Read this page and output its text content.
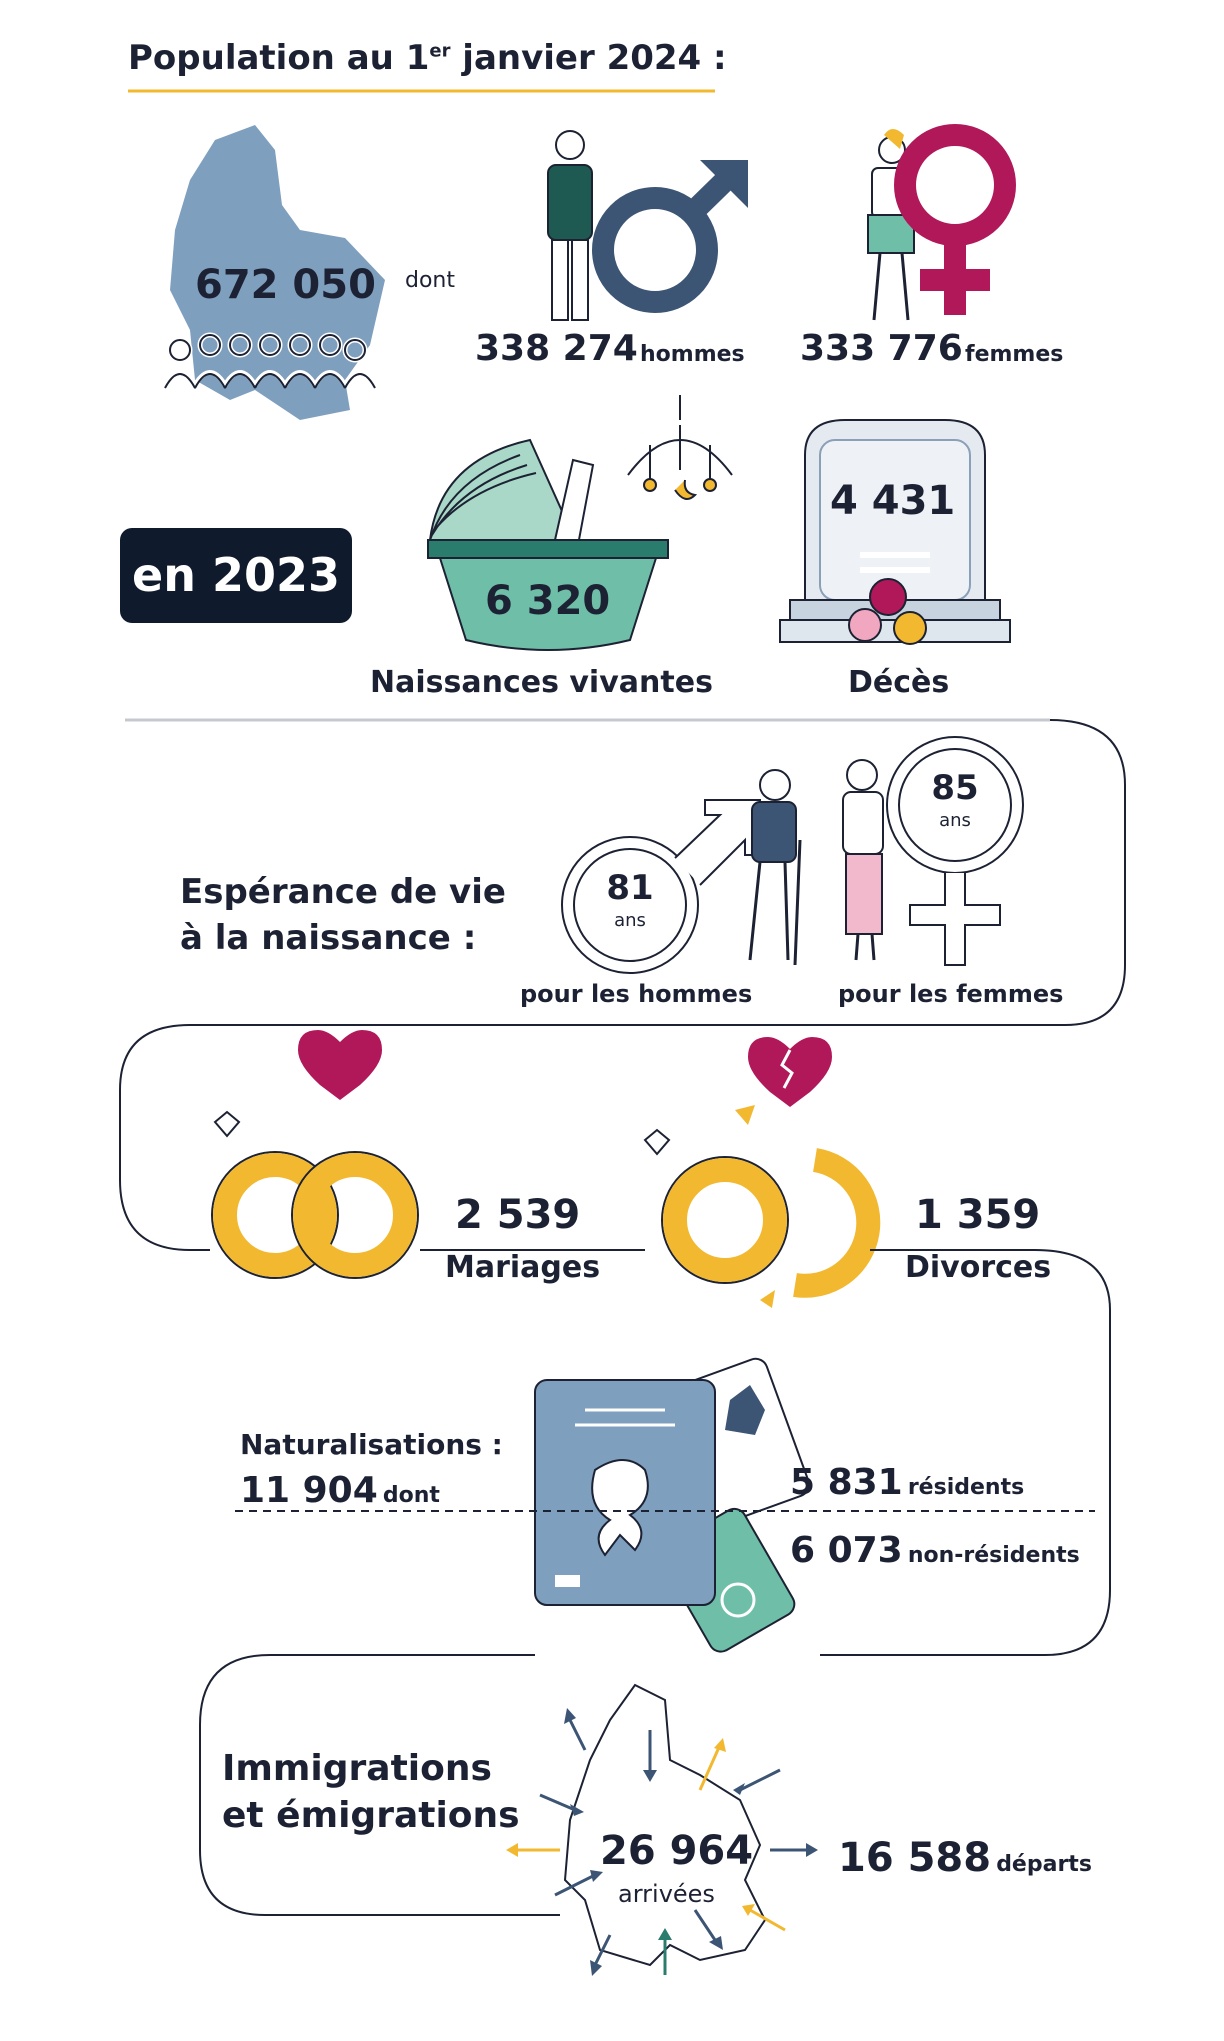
Population au 1er janvier 2024 :
672 050 dont
338 274 hommes 333 776 femmes
en 2023	6 320
Naissances vivantes
4 431
Décès
Espérance de vie
à la naissance :
81
ans
85
ans
pour les hommes	pour les femmes
2 539
Mariages
1 359
Divorces
Naturalisations :
11 904 dont	5 831 résidents
6 073 non-résidents
Immigrations
et émigrations
26 964
arrivées
16 588 départs
